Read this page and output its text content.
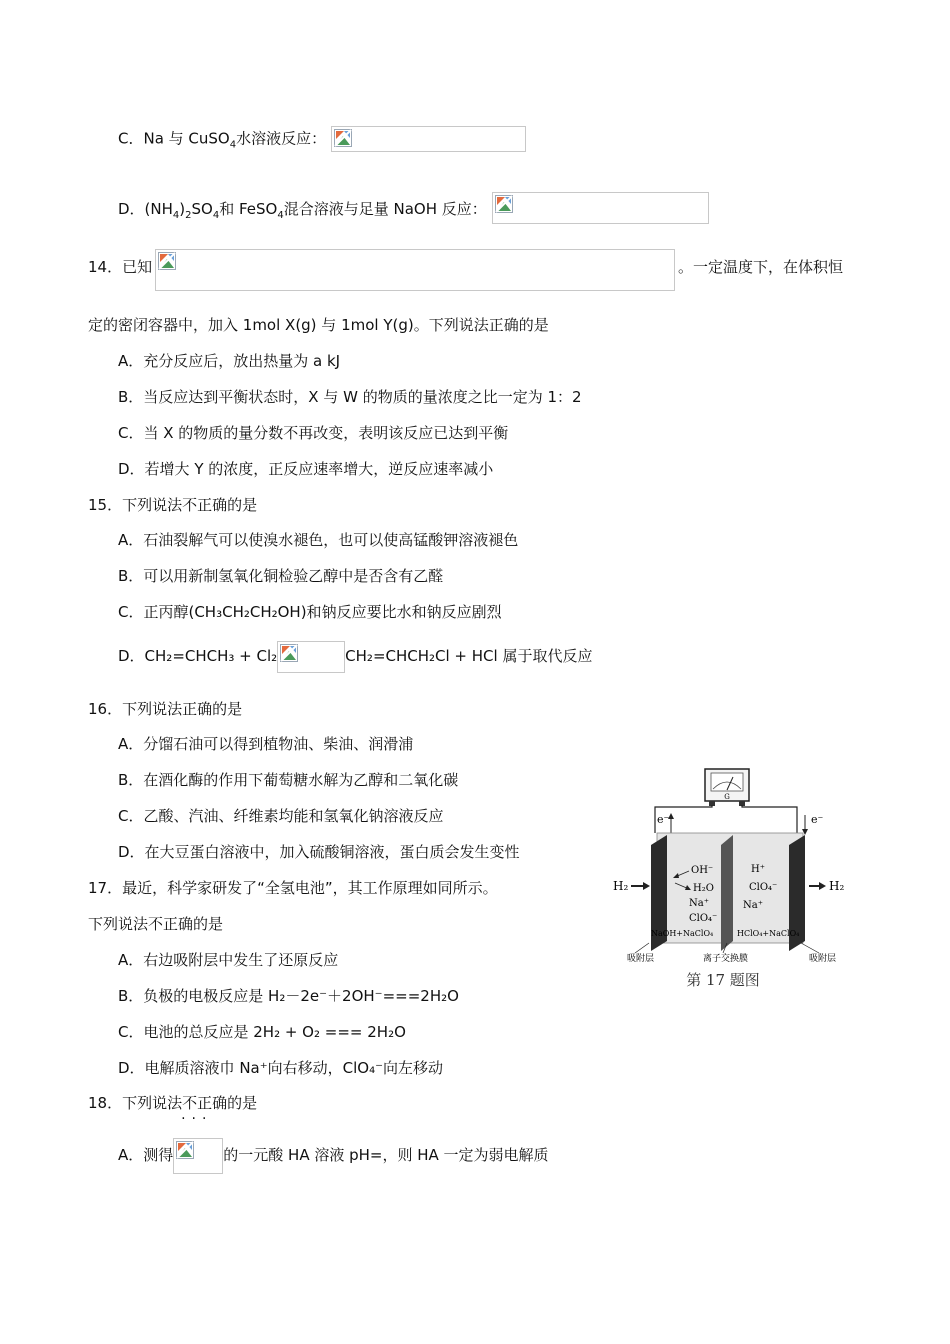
C．Na 与 CuSO$_4$水溶液反应：
D．$(NH_4)_2SO_4$和 FeSO$_4$混合溶液与足量 NaOH 反应：
14．已知	。一定温度下，在体积恒
定的密闭容器中，加入 1mol X(g) 与 1mol Y(g)。下列说法正确的是
A．充分反应后，放出热量为 a kJ
B．当反应达到平衡状态时，X 与 W 的物质的量浓度之比一定为 1：2
C．当 X 的物质的量分数不再改变，表明该反应已达到平衡
D．若增大 Y 的浓度，正反应速率增大，逆反应速率减小
15．下列说法不正确的是
A．石油裂解气可以使溴水褪色，也可以使高锰酸钾溶液褪色
B．可以用新制氢氧化铜检验乙醇中是否含有乙醛
C．正丙醇(CH₃CH₂CH₂OH)和钠反应要比水和钠反应剧烈
D．CH₂=CHCH₃ + Cl₂	CH₂=CHCH₂Cl + HCl 属于取代反应
16．下列说法正确的是
A．分馏石油可以得到植物油、柴油、润滑浦
B．在酒化酶的作用下葡萄糖水解为乙醇和二氧化碳
C．乙酸、汽油、纤维素均能和氢氧化钠溶液反应
D．在大豆蛋白溶液中，加入硫酸铜溶液，蛋白质会发生变性
17．最近，科学家研发了“全氢电池”，其工作原理如同所示。
下列说法不正确的是
A．右边吸附层中发生了还原反应
B．负极的电极反应是 H₂－2e⁻＋2OH⁻===2H₂O
C．电池的总反应是 2H₂ + O₂ === 2H₂O
D．电解质溶液巾 Na⁺向右移动，ClO₄⁻向左移动
18．下列说法不正确 ···的是
A．测得	的一元酸 HA 溶液 pH=，则 HA 一定为弱电解质
G
e⁻	e⁻
H₂	H₂
OH⁻
H₂O
Na⁺
ClO₄⁻
H⁺
ClO₄⁻
Na⁺
NaOH+NaClO₄	HClO₄+NaClO₄
吸附层	离子交换膜	吸附层
第 17 题图
